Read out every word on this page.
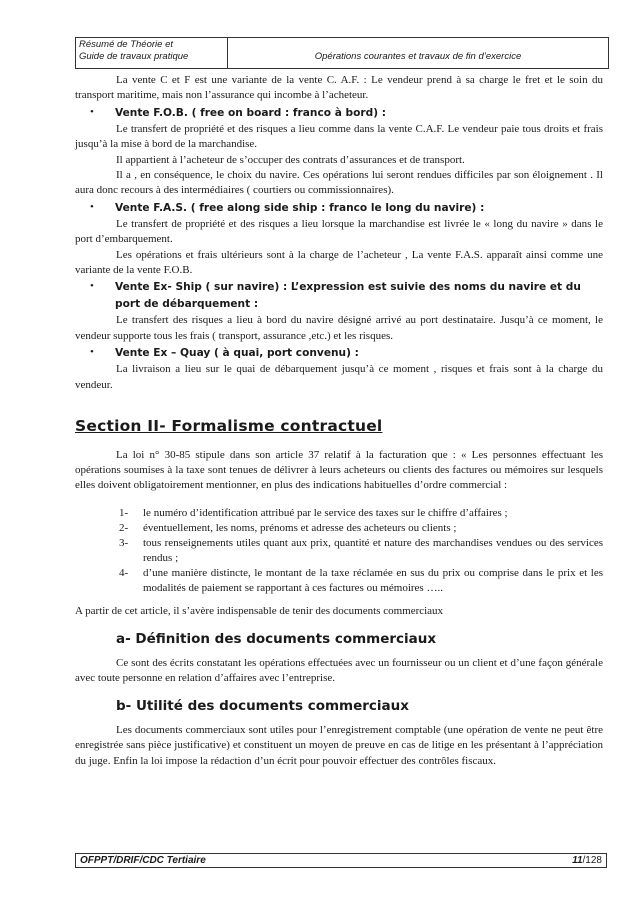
Résumé de Théorie et
Guide de travaux pratique	Opérations courantes et travaux de fin d’exercice

La vente C et F est une variante de la vente C. A.F. : Le vendeur prend à sa charge le fret et le soin du transport maritime, mais non l’assurance qui incombe à l’acheteur.

•	Vente F.O.B. ( free on board : franco à bord) :

Le transfert de propriété et des risques a lieu comme dans la vente C.A.F. Le vendeur paie tous droits et frais jusqu’à la mise à bord de la marchandise.

Il appartient à l’acheteur de s’occuper des contrats d’assurances et de transport.

Il a , en conséquence, le choix du navire. Ces opérations lui seront rendues difficiles par son éloignement . Il aura donc recours à des intermédiaires ( courtiers ou commissionnaires).

•	Vente F.A.S. ( free along side ship : franco le long du navire) :

Le transfert de propriété et des risques a lieu lorsque la marchandise est livrée le « long du navire » dans le port d’embarquement.

Les opérations et frais ultérieurs sont à la charge de l’acheteur , La vente F.A.S. apparaît ainsi comme une variante de la vente F.O.B.

•	Vente Ex- Ship ( sur navire) : L’expression est suivie des noms du navire et du port de débarquement :

Le transfert des risques a lieu à bord du navire désigné arrivé au port destinataire. Jusqu’à ce moment, le vendeur supporte tous les frais ( transport, assurance ,etc.) et les risques.

•	Vente Ex – Quay ( à quai, port convenu) :

La livraison a lieu sur le quai de débarquement jusqu’à ce moment , risques et frais sont à la charge du vendeur.

Section II- Formalisme contractuel

La loi n° 30-85 stipule dans son article 37 relatif à la facturation que : « Les personnes effectuant les opérations soumises à la taxe sont tenues de délivrer à leurs acheteurs ou clients des factures ou mémoires sur lesquels elles doivent obligatoirement mentionner, en plus des indications habituelles d’ordre commercial :

1-	le numéro d’identification attribué par le service des taxes sur le chiffre d’affaires ;
2-	éventuellement, les noms, prénoms et adresse des acheteurs ou clients ;
3-	tous renseignements utiles quant aux prix, quantité et nature des marchandises vendues ou des services rendus ;
4-	d’une manière distincte, le montant de la taxe réclamée en sus du prix ou comprise dans le prix et les modalités de paiement se rapportant à ces factures ou mémoires …..

A partir de cet article, il s’avère indispensable de tenir des documents commerciaux

a- Définition des documents commerciaux

Ce sont des écrits constatant les opérations effectuées avec un fournisseur ou un client et d’une façon générale avec toute personne en relation d’affaires avec l’entreprise.

b- Utilité des documents commerciaux

Les documents commerciaux sont utiles pour l’enregistrement comptable (une opération de vente ne peut être enregistrée sans pièce justificative) et constituent un moyen de preuve en cas de litige en les présentant à l’appréciation du juge. Enfin la loi impose la rédaction d’un écrit pour pouvoir effectuer des contrôles fiscaux.

OFPPT/DRIF/CDC Tertiaire	11/128
